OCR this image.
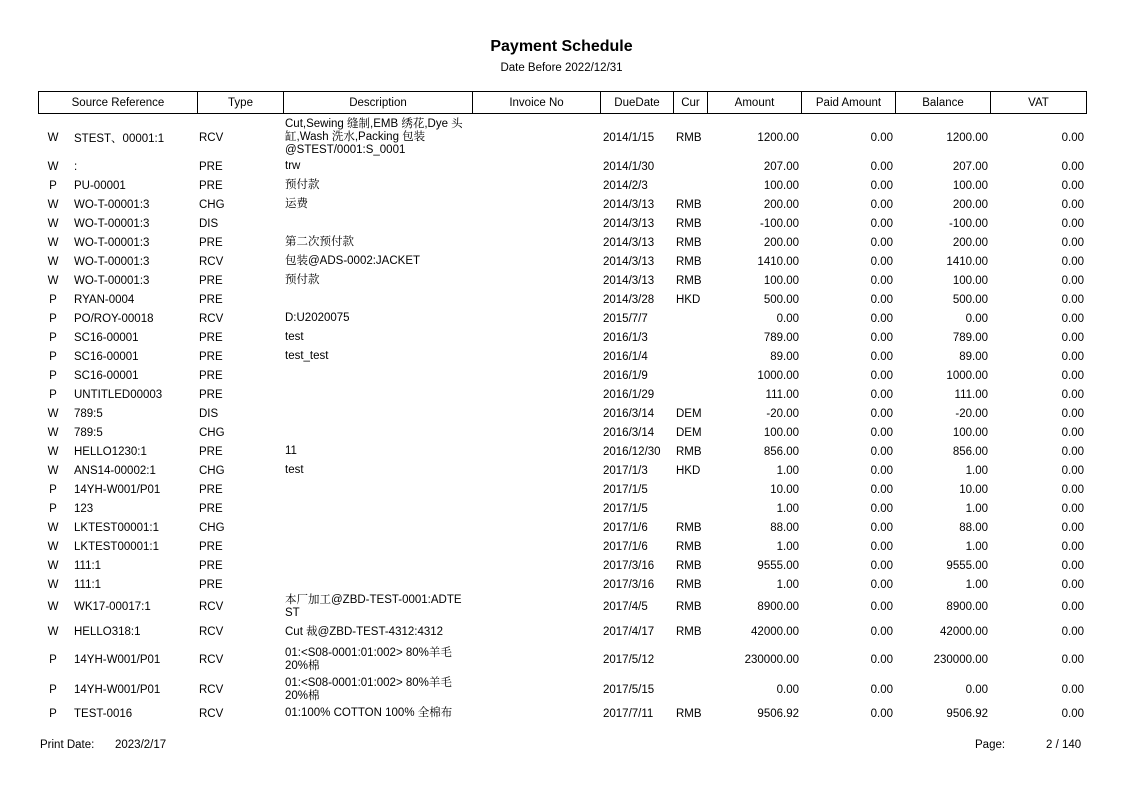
Payment Schedule
Date Before 2022/12/31
Source Reference	Type	Description	Invoice No	DueDate	Cur	Amount	Paid Amount	Balance	VAT
W	STEST、00001:1	RCV	Cut,Sewing 缝制,EMB 绣花,Dye 头缸,Wash 洗水,Packing 包装@STEST/0001:S_0001		2014/1/15	RMB	1200.00	0.00	1200.00	0.00
W	:	PRE	trw		2014/1/30		207.00	0.00	207.00	0.00
P	PU-00001	PRE	预付款		2014/2/3		100.00	0.00	100.00	0.00
W	WO-T-00001:3	CHG	运费		2014/3/13	RMB	200.00	0.00	200.00	0.00
W	WO-T-00001:3	DIS			2014/3/13	RMB	-100.00	0.00	-100.00	0.00
W	WO-T-00001:3	PRE	第二次预付款		2014/3/13	RMB	200.00	0.00	200.00	0.00
W	WO-T-00001:3	RCV	包装@ADS-0002:JACKET		2014/3/13	RMB	1410.00	0.00	1410.00	0.00
W	WO-T-00001:3	PRE	预付款		2014/3/13	RMB	100.00	0.00	100.00	0.00
P	RYAN-0004	PRE			2014/3/28	HKD	500.00	0.00	500.00	0.00
P	PO/ROY-00018	RCV	D:U2020075		2015/7/7		0.00	0.00	0.00	0.00
P	SC16-00001	PRE	test		2016/1/3		789.00	0.00	789.00	0.00
P	SC16-00001	PRE	test_test		2016/1/4		89.00	0.00	89.00	0.00
P	SC16-00001	PRE			2016/1/9		1000.00	0.00	1000.00	0.00
P	UNTITLED00003	PRE			2016/1/29		111.00	0.00	111.00	0.00
W	789:5	DIS			2016/3/14	DEM	-20.00	0.00	-20.00	0.00
W	789:5	CHG			2016/3/14	DEM	100.00	0.00	100.00	0.00
W	HELLO1230:1	PRE	11		2016/12/30	RMB	856.00	0.00	856.00	0.00
W	ANS14-00002:1	CHG	test		2017/1/3	HKD	1.00	0.00	1.00	0.00
P	14YH-W001/P01	PRE			2017/1/5		10.00	0.00	10.00	0.00
P	123	PRE			2017/1/5		1.00	0.00	1.00	0.00
W	LKTEST00001:1	CHG			2017/1/6	RMB	88.00	0.00	88.00	0.00
W	LKTEST00001:1	PRE			2017/1/6	RMB	1.00	0.00	1.00	0.00
W	111:1	PRE			2017/3/16	RMB	9555.00	0.00	9555.00	0.00
W	111:1	PRE			2017/3/16	RMB	1.00	0.00	1.00	0.00
W	WK17-00017:1	RCV	本厂加工@ZBD-TEST-0001:ADTE ST		2017/4/5	RMB	8900.00	0.00	8900.00	0.00
W	HELLO318:1	RCV	Cut 裁@ZBD-TEST-4312:4312		2017/4/17	RMB	42000.00	0.00	42000.00	0.00
P	14YH-W001/P01	RCV	01:<S08-0001:01:002> 80%羊毛20%棉		2017/5/12		230000.00	0.00	230000.00	0.00
P	14YH-W001/P01	RCV	01:<S08-0001:01:002> 80%羊毛20%棉		2017/5/15		0.00	0.00	0.00	0.00
P	TEST-0016	RCV	01:100% COTTON 100% 全棉布		2017/7/11	RMB	9506.92	0.00	9506.92	0.00
Print Date: 2023/2/17	Page:	2 / 140
